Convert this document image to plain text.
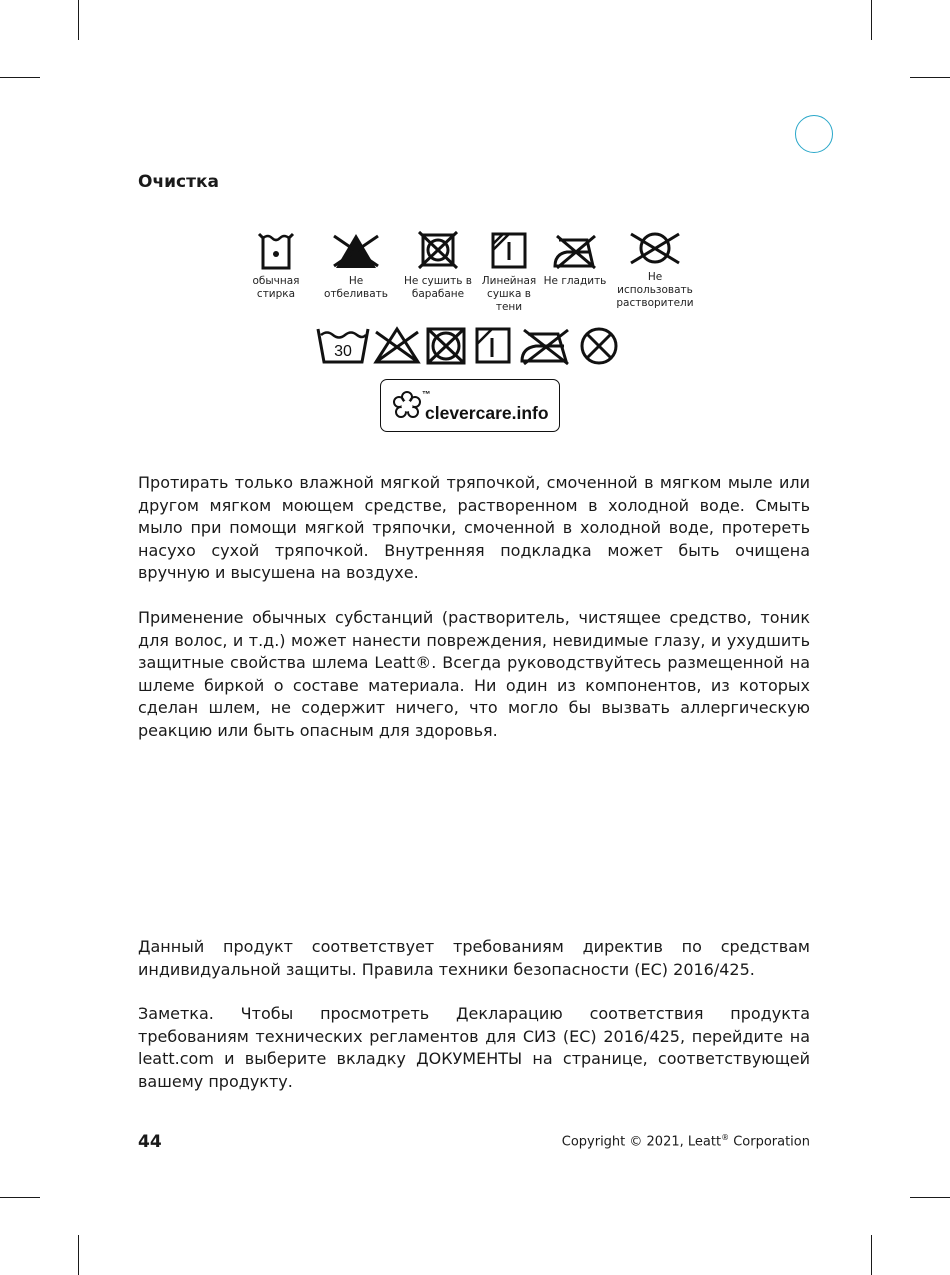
Очистка
обычная
стирка
Не
отбеливать
Не сушить в
барабане
Линейная
сушка в
тени
Не гладить	Не
использовать
растворители
30
™
clevercare.info
Протирать только влажной мягкой тряпочкой, смоченной в мягком мыле или другом мягком моющем средстве, растворенном в холодной воде. Смыть мыло при помощи мягкой тряпочки, смоченной в холодной воде, протереть насухо сухой тряпочкой. Внутренняя подкладка может быть очищена вручную и высушена на воздухе.
Применение обычных субстанций (растворитель, чистящее средство, тоник для волос, и т.д.) может нанести повреждения, невидимые глазу, и ухудшить защитные свойства шлема Leatt®. Всегда руководствуйтесь размещенной на шлеме биркой о составе материала. Ни один из компонентов, из которых сделан шлем, не содержит ничего, что могло бы вызвать аллергическую реакцию или быть опасным для здоровья.
Данный продукт соответствует требованиям директив по средствам индивидуальной защиты. Правила техники безопасности (ЕС) 2016/425.
Заметка. Чтобы просмотреть Декларацию соответствия продукта требованиям технических регламентов для СИЗ (ЕС) 2016/425, перейдите на leatt.com и выберите вкладку ДОКУМЕНТЫ на странице, соответствующей вашему продукту.
44	Copyright © 2021, Leatt® Corporation
